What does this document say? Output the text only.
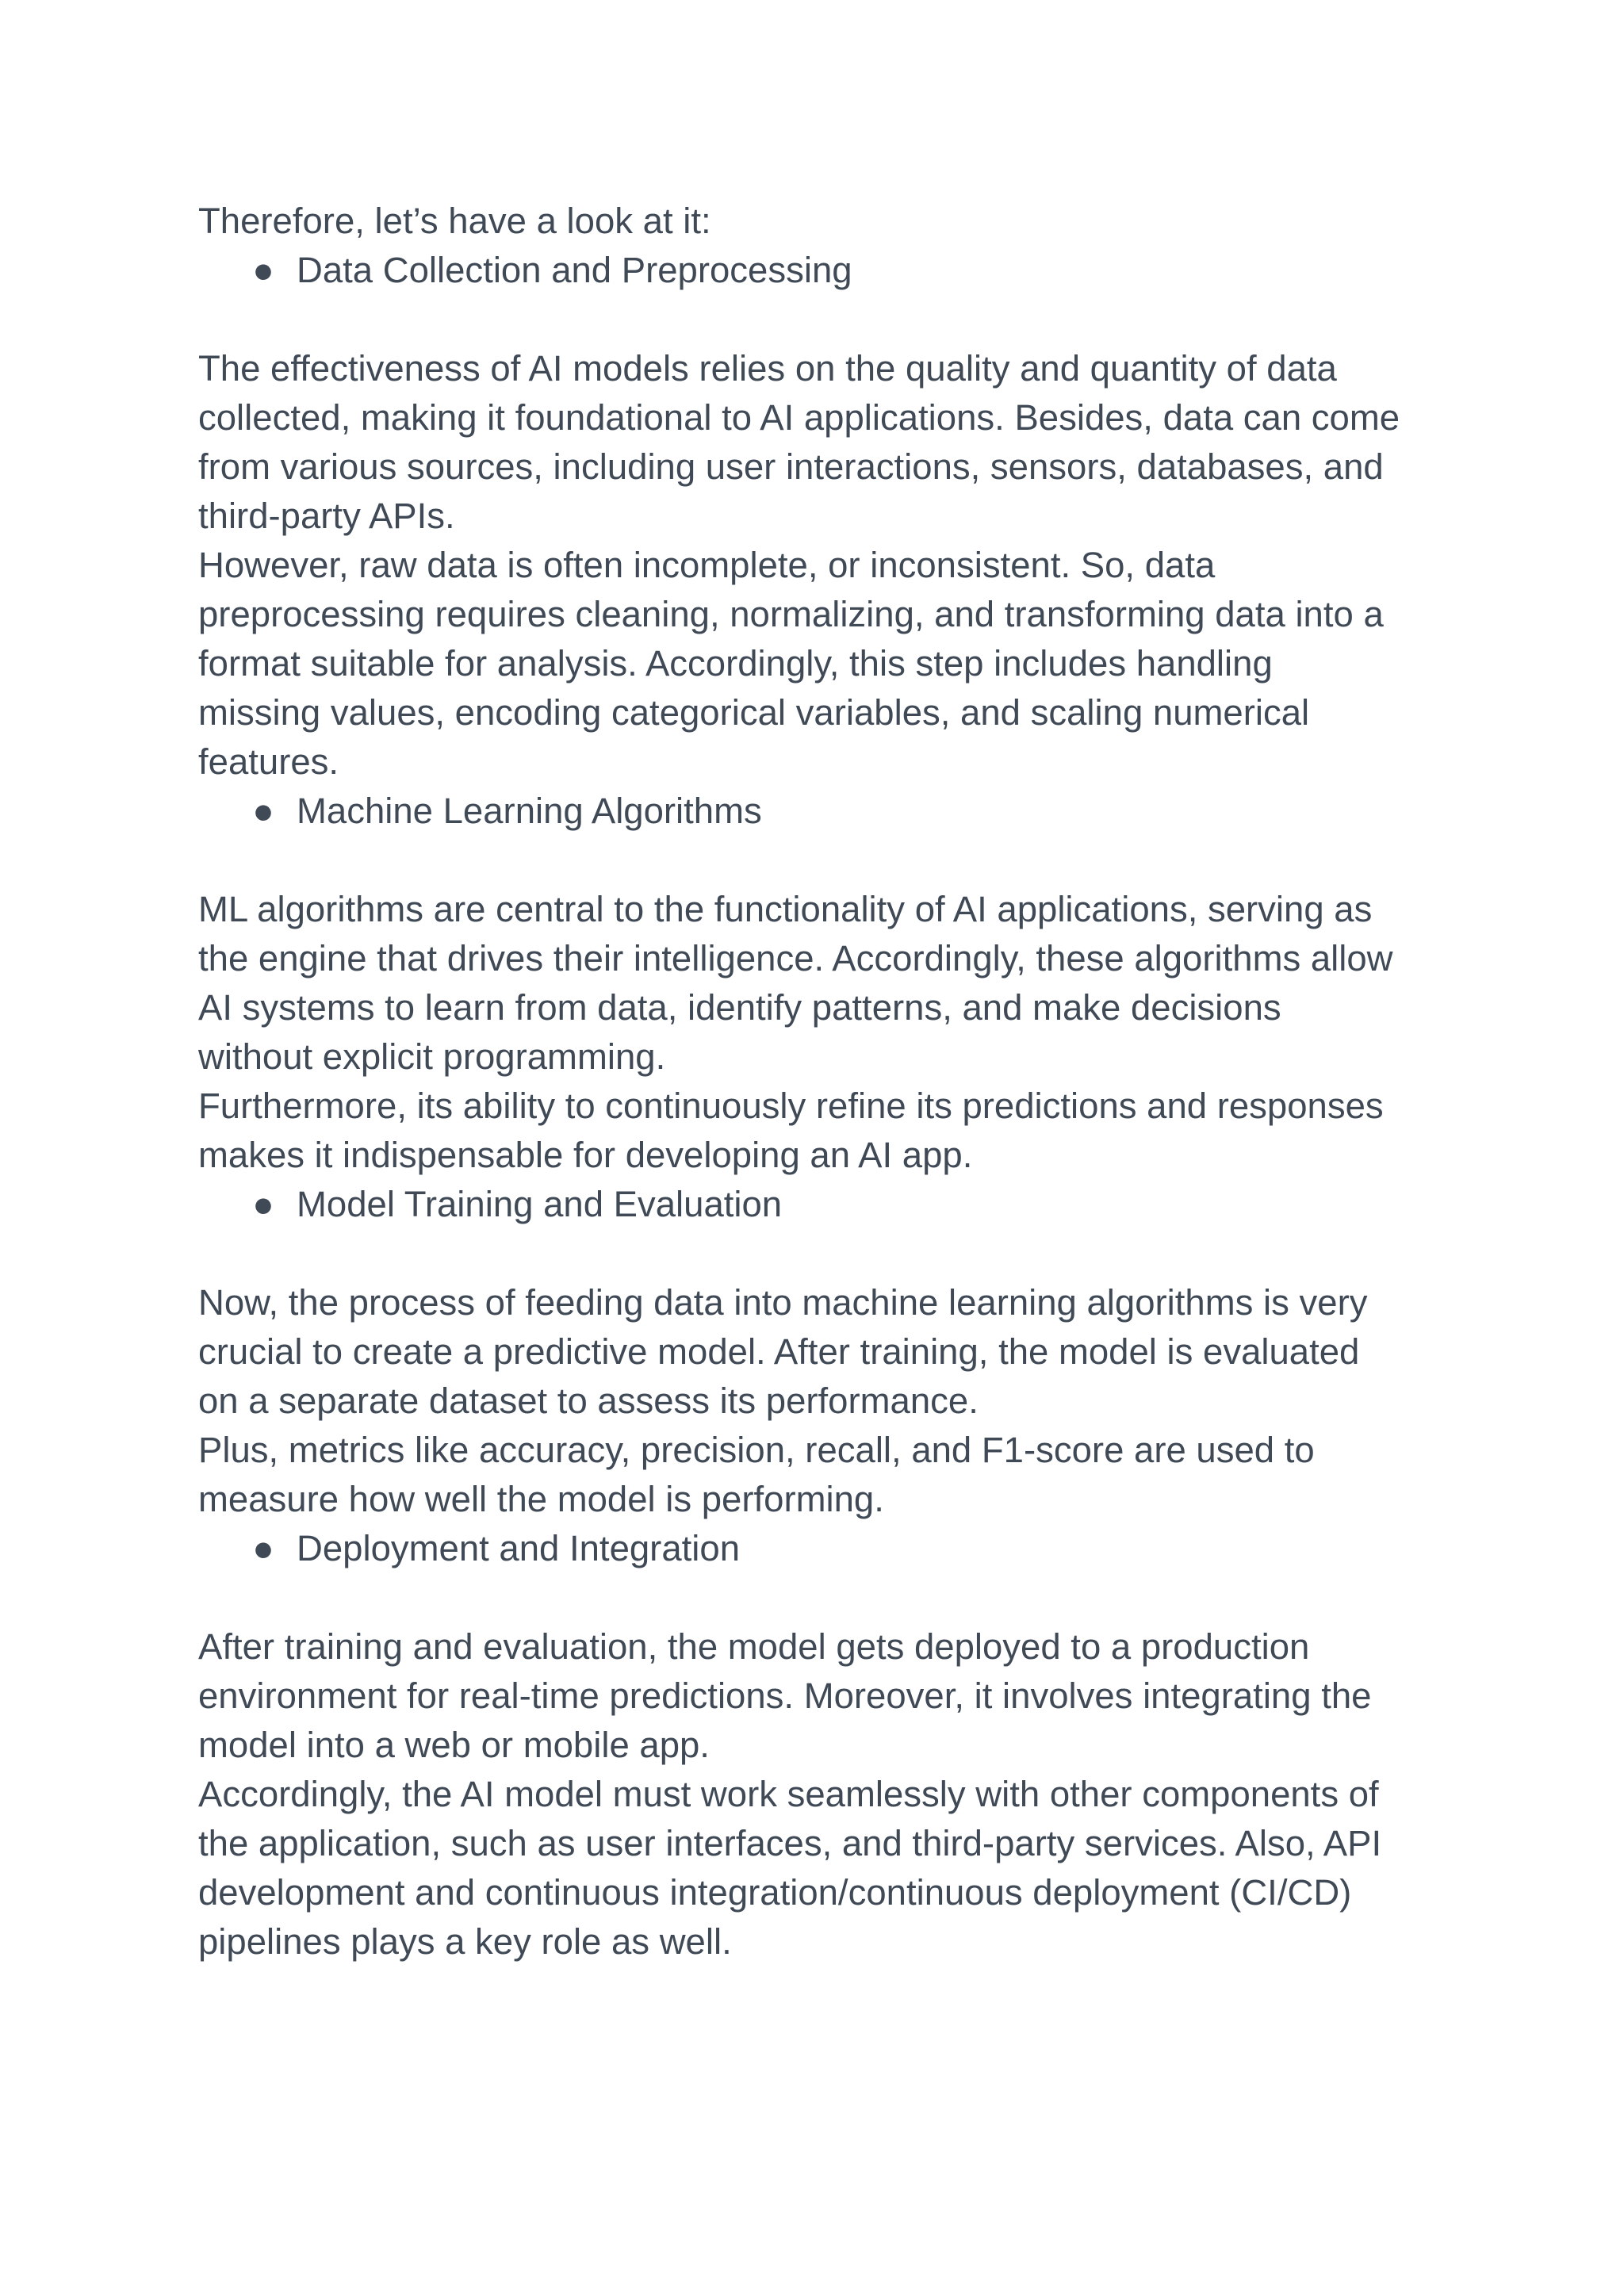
Therefore, let’s have a look at it:
● Data Collection and Preprocessing
The effectiveness of AI models relies on the quality and quantity of data
collected, making it foundational to AI applications. Besides, data can come
from various sources, including user interactions, sensors, databases, and
third-party APIs.
However, raw data is often incomplete, or inconsistent. So, data
preprocessing requires cleaning, normalizing, and transforming data into a
format suitable for analysis. Accordingly, this step includes handling
missing values, encoding categorical variables, and scaling numerical
features.
● Machine Learning Algorithms
ML algorithms are central to the functionality of AI applications, serving as
the engine that drives their intelligence. Accordingly, these algorithms allow
AI systems to learn from data, identify patterns, and make decisions
without explicit programming.
Furthermore, its ability to continuously refine its predictions and responses
makes it indispensable for developing an AI app.
● Model Training and Evaluation
Now, the process of feeding data into machine learning algorithms is very
crucial to create a predictive model. After training, the model is evaluated
on a separate dataset to assess its performance.
Plus, metrics like accuracy, precision, recall, and F1-score are used to
measure how well the model is performing.
● Deployment and Integration
After training and evaluation, the model gets deployed to a production
environment for real-time predictions. Moreover, it involves integrating the
model into a web or mobile app.
Accordingly, the AI model must work seamlessly with other components of
the application, such as user interfaces, and third-party services. Also, API
development and continuous integration/continuous deployment (CI/CD)
pipelines plays a key role as well.
